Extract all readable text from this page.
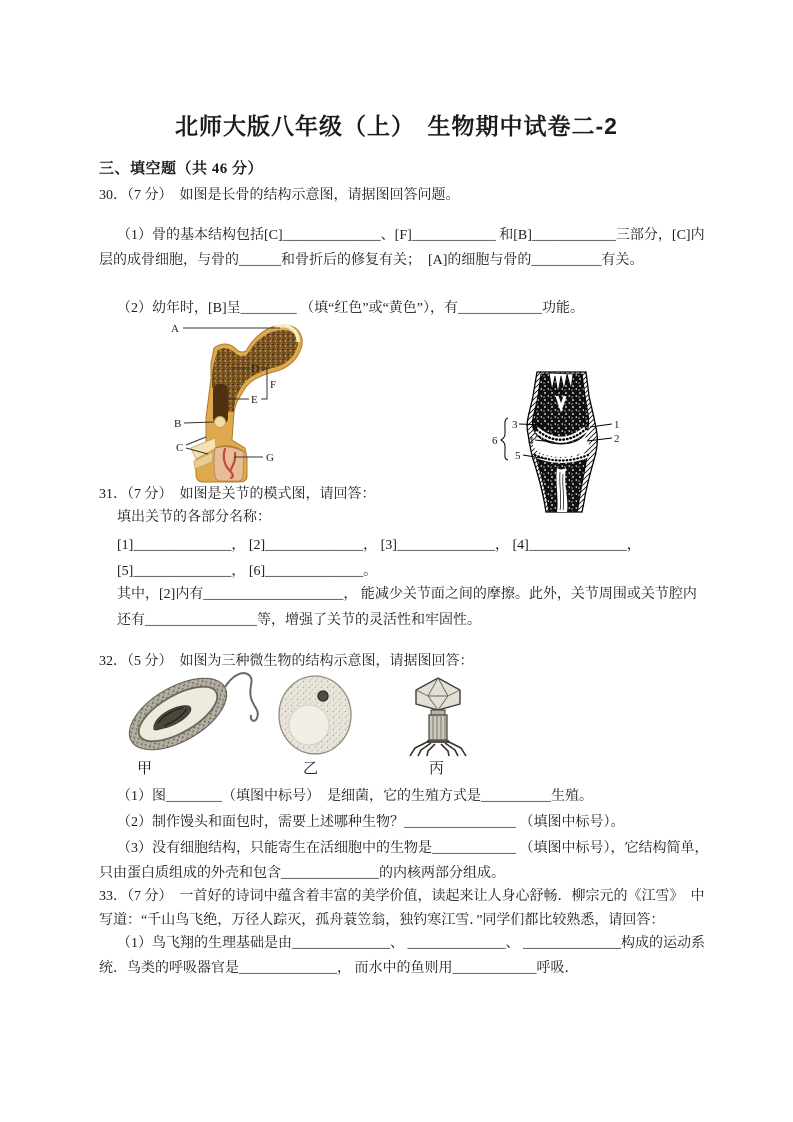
北师大版八年级（上）　生物期中试卷二-2
三、填空题（共 46 分）
30．（7 分）　如图是长骨的结构示意图，请据图回答问题。
（1）骨的基本结构包括[C]______________、[F]____________ 和[B]____________三部分，[C]内层的成骨细胞，与骨的______和骨折后的修复有关；　[A]的细胞与骨的__________有关。
（2）幼年时，[B]呈________ （填“红色”或“黄色”），有____________功能。
A
D
F
E
B
C
G
3
4
5
6
1
2
31．（7 分）　如图是关节的模式图，请回答：
填出关节的各部分名称：
[1]______________， [2]______________， [3]______________， [4]______________，
[5]______________， [6]______________。
其中，[2]内有____________________， 能减少关节面之间的摩擦。此外，关节周围或关节腔内还有________________等，增强了关节的灵活性和牢固性。
32．（5 分）　如图为三种微生物的结构示意图，请据图回答：
甲	乙	丙
（1）图________（填图中标号）　是细菌，它的生殖方式是__________生殖。
（2）制作馒头和面包时，需要上述哪种生物？________________ （填图中标号）。
（3）没有细胞结构，只能寄生在活细胞中的生物是____________ （填图中标号），它结构简单，只由蛋白质组成的外壳和包含______________的内核两部分组成。
33．（7 分）　一首好的诗词中蕴含着丰富的美学价值，读起来让人身心舒畅．柳宗元的《江雪》　中写道：“千山鸟飞绝，万径人踪灭，孤舟蓑笠翁，独钓寒江雪．”同学们都比较熟悉，请回答：
（1）鸟飞翔的生理基础是由______________、 ______________、 ______________构成的运动系统．鸟类的呼吸器官是______________， 而水中的鱼则用____________呼吸．
